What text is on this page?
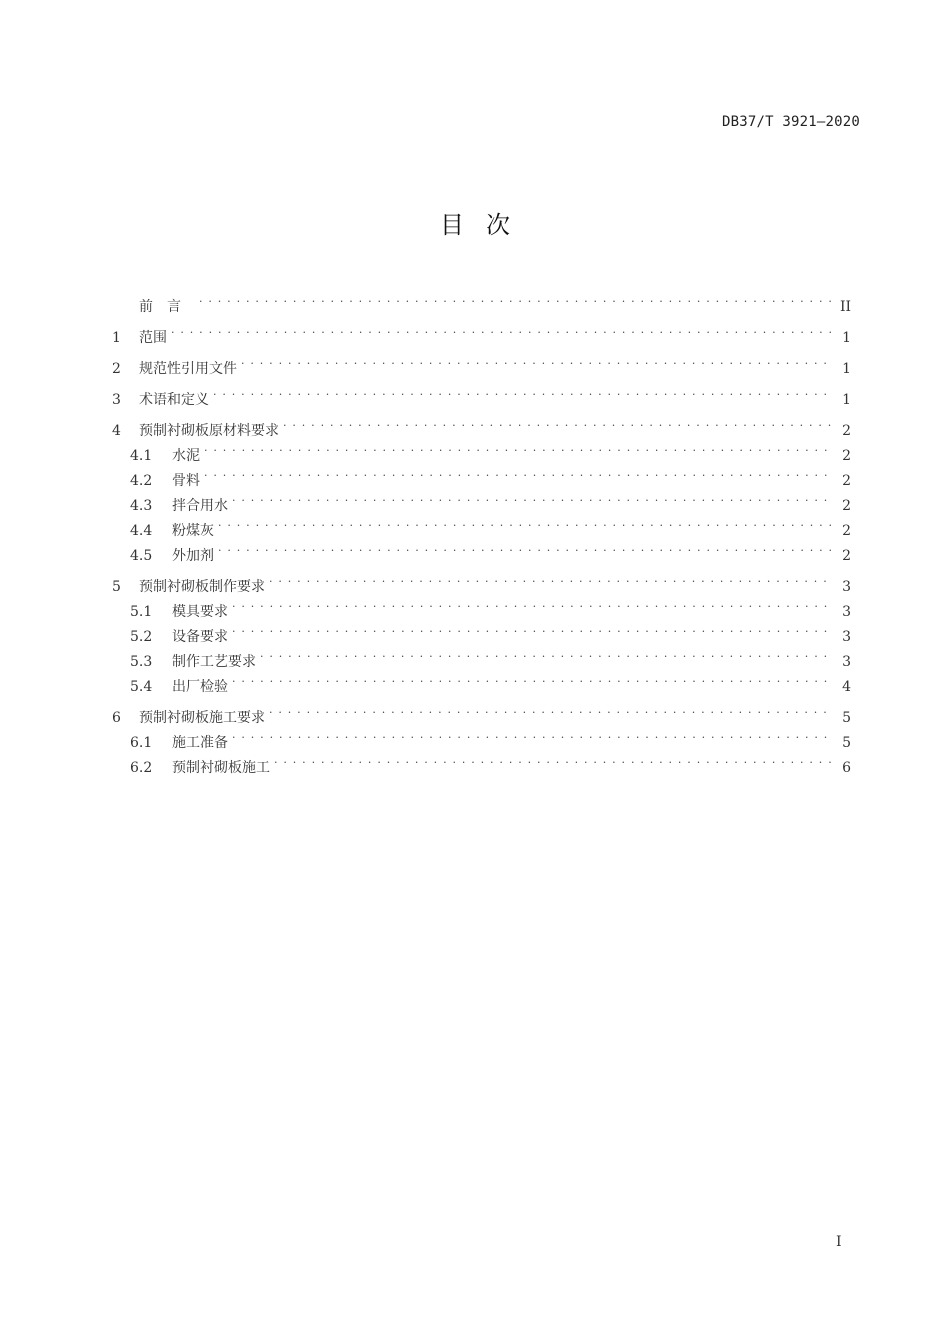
DB37/T 3921—2020
目次
前言 . . .	II
1	范围 . . .	1
2	规范性引用文件 . . .	1
3	术语和定义 . . .	1
4	预制衬砌板原材料要求 . . .	2
4.1	水泥 . . .	2
4.2	骨料 . . .	2
4.3	拌合用水 . . .	2
4.4	粉煤灰 . . .	2
4.5	外加剂 . . .	2
5	预制衬砌板制作要求 . . .	3
5.1	模具要求 . . .	3
5.2	设备要求 . . .	3
5.3	制作工艺要求 . . .	3
5.4	出厂检验 . . .	4
6	预制衬砌板施工要求 . . .	5
6.1	施工准备 . . .	5
6.2	预制衬砌板施工 . . .	6
I
